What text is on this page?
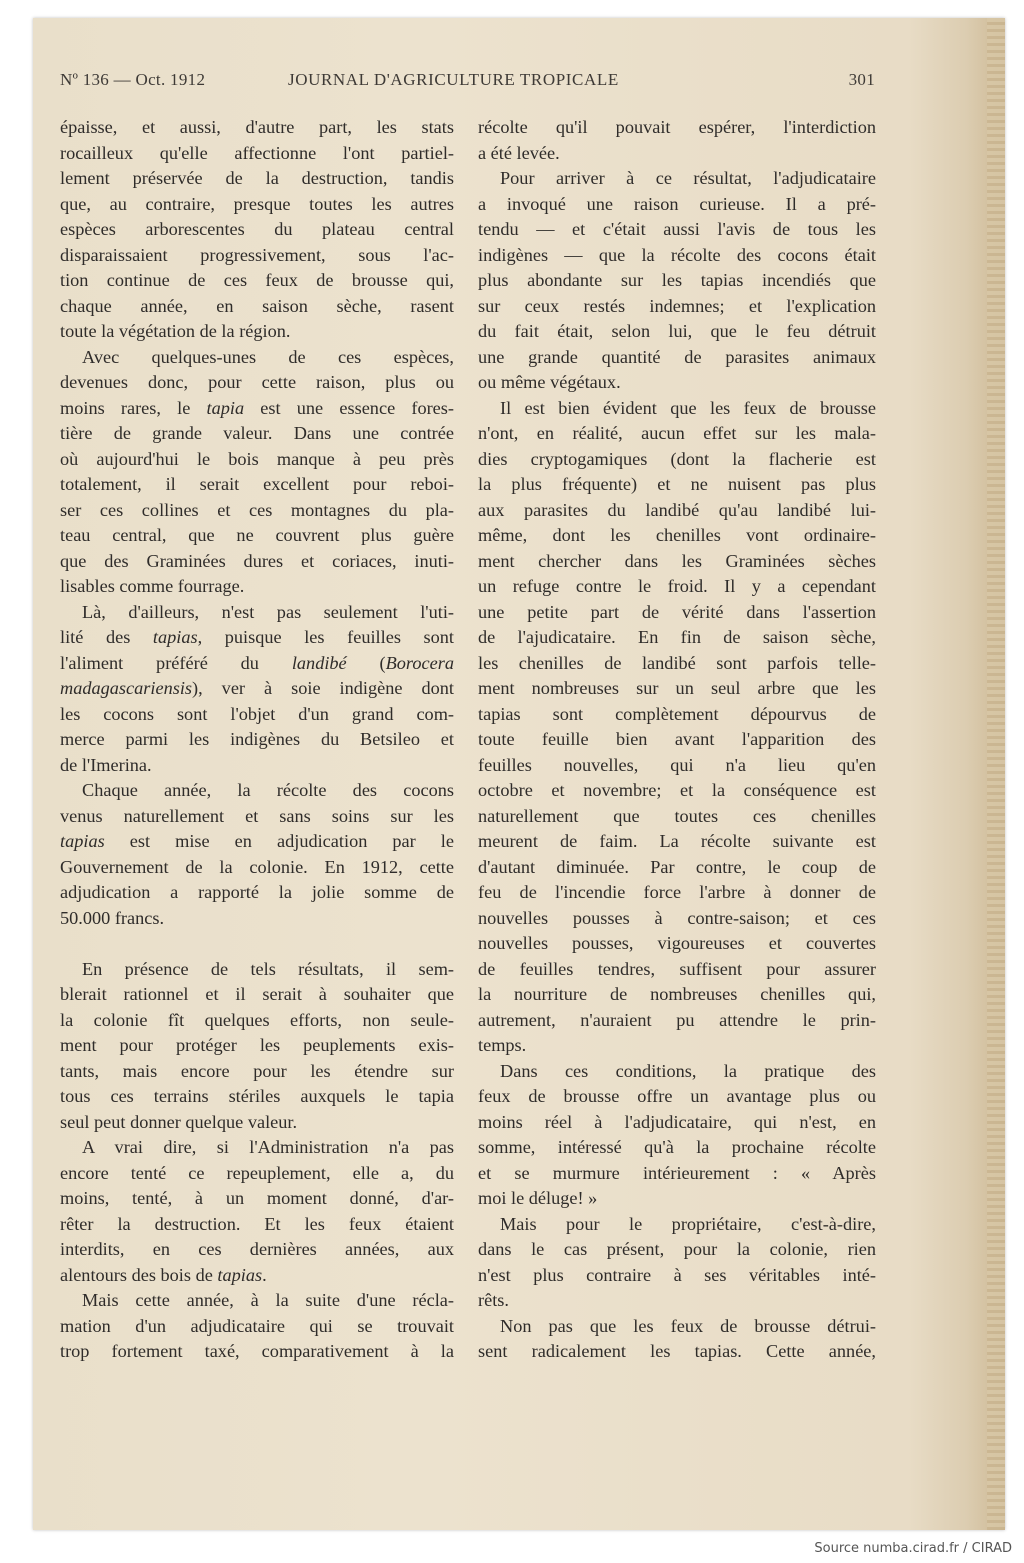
Nº 136 — Oct. 1912	JOURNAL D'AGRICULTURE TROPICALE	301
épaisse, et aussi, d'autre part, les stats
rocailleux qu'elle affectionne l'ont partiel-
lement préservée de la destruction, tandis
que, au contraire, presque toutes les autres
espèces arborescentes du plateau central
disparaissaient progressivement, sous l'ac-
tion continue de ces feux de brousse qui,
chaque année, en saison sèche, rasent
toute la végétation de la région.
Avec quelques-unes de ces espèces,
devenues donc, pour cette raison, plus ou
moins rares, le tapia est une essence fores-
tière de grande valeur. Dans une contrée
où aujourd'hui le bois manque à peu près
totalement, il serait excellent pour reboi-
ser ces collines et ces montagnes du pla-
teau central, que ne couvrent plus guère
que des Graminées dures et coriaces, inuti-
lisables comme fourrage.
Là, d'ailleurs, n'est pas seulement l'uti-
lité des tapias, puisque les feuilles sont
l'aliment préféré du landibé (Borocera
madagascariensis), ver à soie indigène dont
les cocons sont l'objet d'un grand com-
merce parmi les indigènes du Betsileo et
de l'Imerina.
Chaque année, la récolte des cocons
venus naturellement et sans soins sur les
tapias est mise en adjudication par le
Gouvernement de la colonie. En 1912, cette
adjudication a rapporté la jolie somme de
50.000 francs.
En présence de tels résultats, il sem-
blerait rationnel et il serait à souhaiter que
la colonie fît quelques efforts, non seule-
ment pour protéger les peuplements exis-
tants, mais encore pour les étendre sur
tous ces terrains stériles auxquels le tapia
seul peut donner quelque valeur.
A vrai dire, si l'Administration n'a pas
encore tenté ce repeuplement, elle a, du
moins, tenté, à un moment donné, d'ar-
rêter la destruction. Et les feux étaient
interdits, en ces dernières années, aux
alentours des bois de tapias.
Mais cette année, à la suite d'une récla-
mation d'un adjudicataire qui se trouvait
trop fortement taxé, comparativement à la
récolte qu'il pouvait espérer, l'interdiction
a été levée.
Pour arriver à ce résultat, l'adjudicataire
a invoqué une raison curieuse. Il a pré-
tendu — et c'était aussi l'avis de tous les
indigènes — que la récolte des cocons était
plus abondante sur les tapias incendiés que
sur ceux restés indemnes; et l'explication
du fait était, selon lui, que le feu détruit
une grande quantité de parasites animaux
ou même végétaux.
Il est bien évident que les feux de brousse
n'ont, en réalité, aucun effet sur les mala-
dies cryptogamiques (dont la flacherie est
la plus fréquente) et ne nuisent pas plus
aux parasites du landibé qu'au landibé lui-
même, dont les chenilles vont ordinaire-
ment chercher dans les Graminées sèches
un refuge contre le froid. Il y a cependant
une petite part de vérité dans l'assertion
de l'ajudicataire. En fin de saison sèche,
les chenilles de landibé sont parfois telle-
ment nombreuses sur un seul arbre que les
tapias sont complètement dépourvus de
toute feuille bien avant l'apparition des
feuilles nouvelles, qui n'a lieu qu'en
octobre et novembre; et la conséquence est
naturellement que toutes ces chenilles
meurent de faim. La récolte suivante est
d'autant diminuée. Par contre, le coup de
feu de l'incendie force l'arbre à donner de
nouvelles pousses à contre-saison; et ces
nouvelles pousses, vigoureuses et couvertes
de feuilles tendres, suffisent pour assurer
la nourriture de nombreuses chenilles qui,
autrement, n'auraient pu attendre le prin-
temps.
Dans ces conditions, la pratique des
feux de brousse offre un avantage plus ou
moins réel à l'adjudicataire, qui n'est, en
somme, intéressé qu'à la prochaine récolte
et se murmure intérieurement : « Après
moi le déluge! »
Mais pour le propriétaire, c'est-à-dire,
dans le cas présent, pour la colonie, rien
n'est plus contraire à ses véritables inté-
rêts.
Non pas que les feux de brousse détrui-
sent radicalement les tapias. Cette année,
Source numba.cirad.fr / CIRAD
